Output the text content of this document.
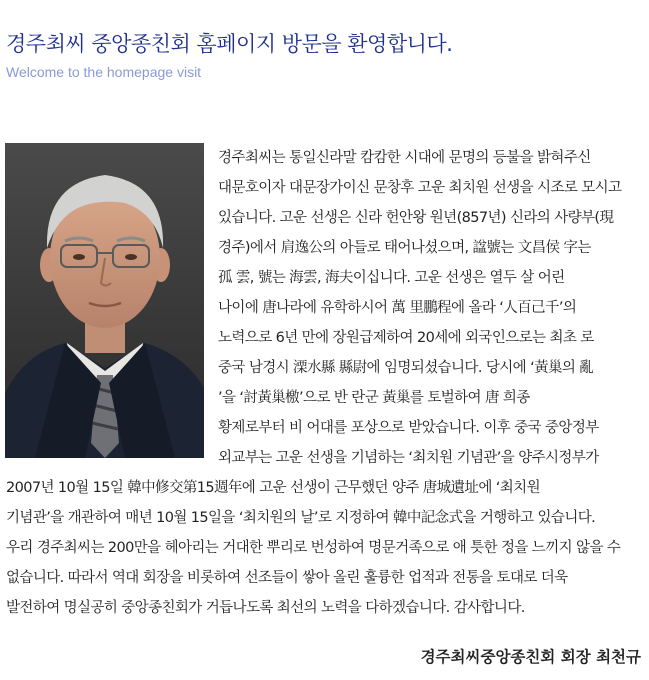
경주최씨 중앙종친회 홈페이지 방문을 환영합니다.

Welcome to the homepage visit

경주최씨는 통일신라말 캄캄한 시대에 문명의 등불을 밝혀주신
대문호이자 대문장가이신 문창후 고운 최치원 선생을 시조로 모시고
있습니다. 고운 선생은 신라 헌안왕 원년(857년) 신라의 사량부(現
경주)에서 肩逸公의 아들로 태어나셨으며, 諡號는 文昌侯 字는
孤 雲, 號는 海雲, 海夫이십니다. 고운 선생은 열두 살 어린
나이에 唐나라에 유학하시어 萬 里鵬程에 올라 ‘人百己千’의
노력으로 6년 만에 장원급제하여 20세에 외국인으로는 최초 로
중국 남경시 溧水縣 縣尉에 임명되셨습니다. 당시에 ‘黃巢의 亂
’을 ‘討黃巢檄’으로 반 란군 黃巢를 토벌하여 唐 희종
황제로부터 비 어대를 포상으로 받았습니다. 이후 중국 중앙정부
외교부는 고운 선생을 기념하는 ‘최치원 기념관’을 양주시정부가
2007년 10월 15일 韓中修交第15週年에 고운 선생이 근무했던 양주 唐城遺址에 ‘최치원
기념관’을 개관하여 매년 10월 15일을 ‘최치원의 날’로 지정하여 韓中記念式을 거행하고 있습니다.
우리 경주최씨는 200만을 헤아리는 거대한 뿌리로 번성하여 명문거족으로 애 틋한 정을 느끼지 않을 수
없습니다. 따라서 역대 회장을 비롯하여 선조들이 쌓아 올린 훌륭한 업적과 전통을 토대로 더욱
발전하여 명실공히 중앙종친회가 거듭나도록 최선의 노력을 다하겠습니다. 감사합니다.

경주최씨중앙종친회 회장 최천규
